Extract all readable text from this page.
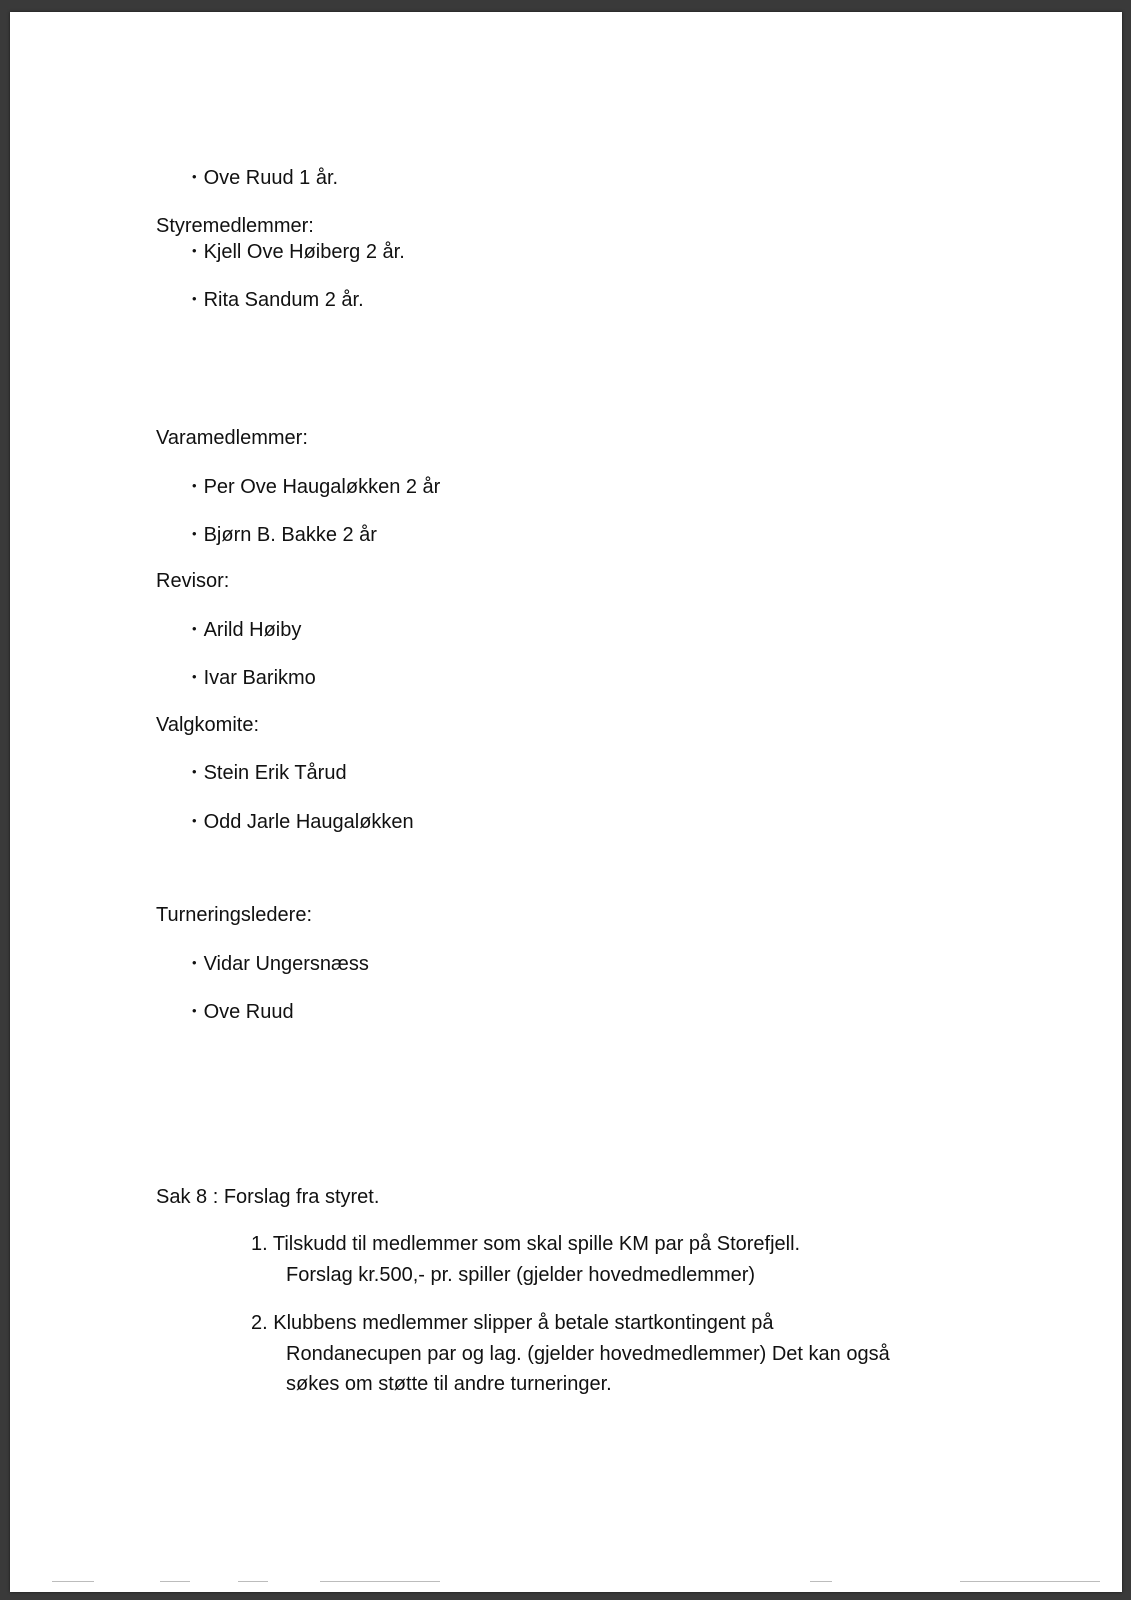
• Ove Ruud 1 år.
Styremedlemmer:
• Kjell Ove Høiberg 2 år.
• Rita Sandum 2 år.
Varamedlemmer:
• Per Ove Haugaløkken 2 år
• Bjørn B. Bakke 2 år
Revisor:
• Arild Høiby
• Ivar Barikmo
Valgkomite:
• Stein Erik Tårud
• Odd Jarle Haugaløkken
Turneringsledere:
• Vidar Ungersnæss
• Ove Ruud
Sak 8 : Forslag fra styret.
1. Tilskudd til medlemmer som skal spille KM par på Storefjell.
Forslag kr.500,- pr. spiller (gjelder hovedmedlemmer)
2. Klubbens medlemmer slipper å betale startkontingent på
Rondanecupen par og lag. (gjelder hovedmedlemmer) Det kan også
søkes om støtte til andre turneringer.
